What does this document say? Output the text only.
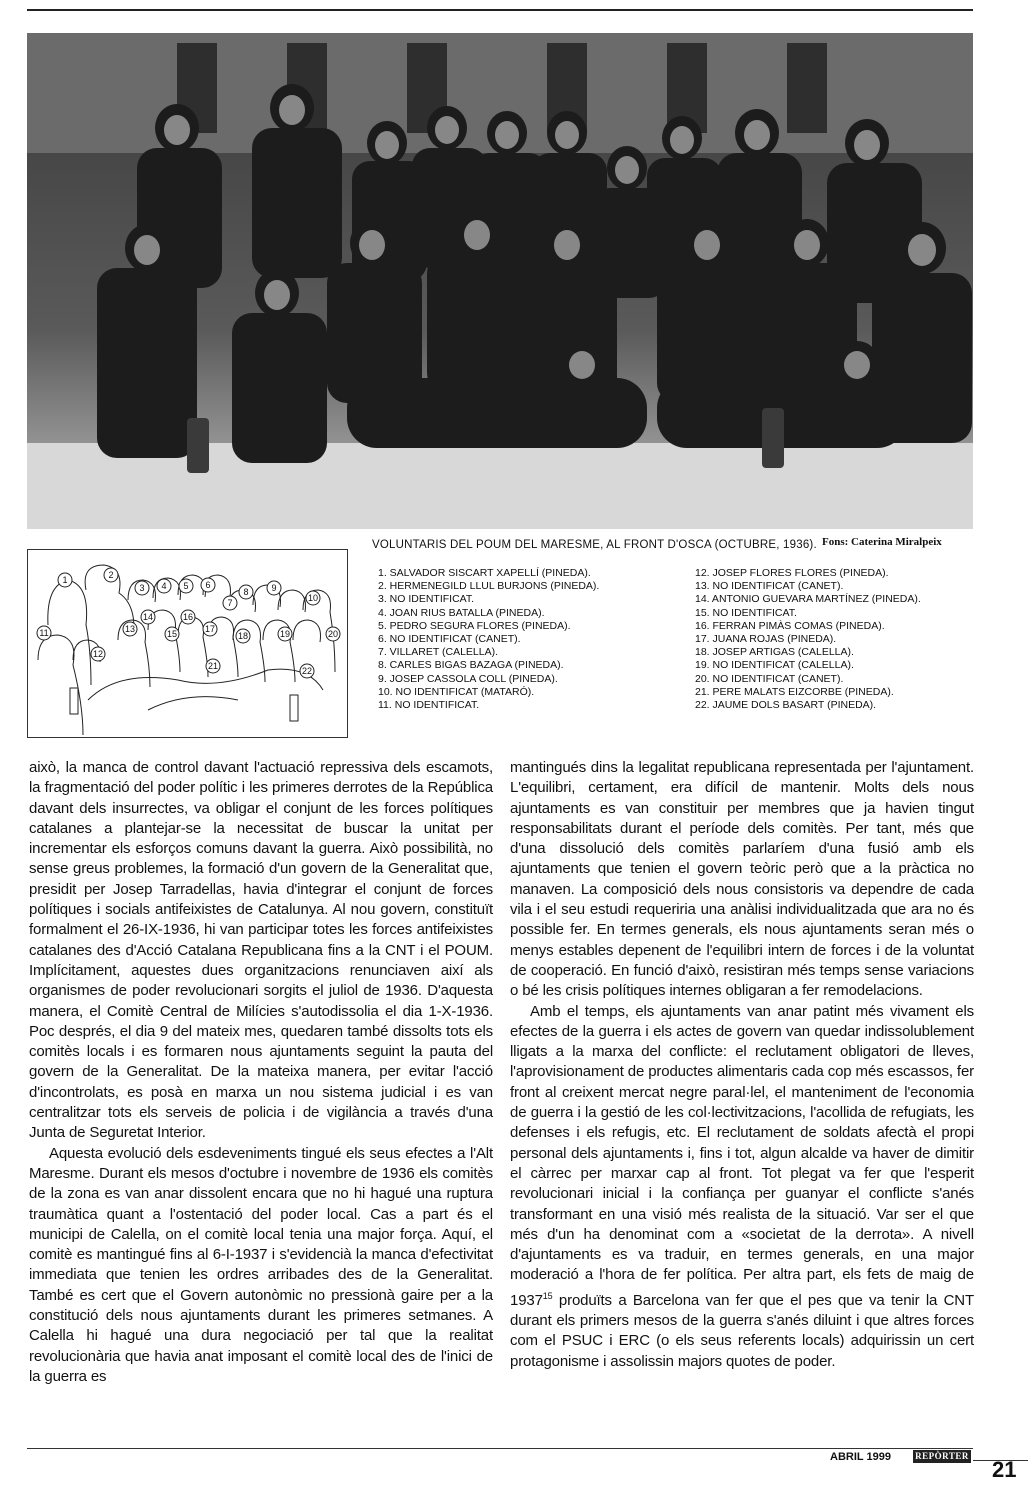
VOLUNTARIS DEL POUM DEL MARESME, AL FRONT D'OSCA (OCTUBRE, 1936). Fons: Caterina Miralpeix
1	2
3 4 5 6
7
8	9
10
11
12
13
14
15
16
17
18	19	20
21	22
1. SALVADOR SISCART XAPELLÍ (PINEDA).
2. HERMENEGILD LLUL BURJONS (PINEDA).
3. NO IDENTIFICAT.
4. JOAN RIUS BATALLA (PINEDA).
5. PEDRO SEGURA FLORES (PINEDA).
6. NO IDENTIFICAT (CANET).
7. VILLARET (CALELLA).
8. CARLES BIGAS BAZAGA (PINEDA).
9. JOSEP CASSOLA COLL (PINEDA).
10. NO IDENTIFICAT (MATARÓ).
11. NO IDENTIFICAT.
12. JOSEP FLORES FLORES (PINEDA).
13. NO IDENTIFICAT (CANET).
14. ANTONIO GUEVARA MARTÍNEZ (PINEDA).
15. NO IDENTIFICAT.
16. FERRAN PIMÀS COMAS (PINEDA).
17. JUANA ROJAS (PINEDA).
18. JOSEP ARTIGAS (CALELLA).
19. NO IDENTIFICAT (CALELLA).
20. NO IDENTIFICAT (CANET).
21. PERE MALATS EIZCORBE (PINEDA).
22. JAUME DOLS BASART (PINEDA).

això, la manca de control davant l'actuació repressiva dels escamots, la fragmentació del poder polític i les primeres derrotes de la República davant dels insurrectes, va obligar el conjunt de les forces polítiques catalanes a plantejar-se la necessitat de buscar la unitat per incrementar els esforços comuns davant la guerra. Això possibilità, no sense greus problemes, la formació d'un govern de la Generalitat que, presidit per Josep Tarradellas, havia d'integrar el conjunt de forces polítiques i socials antifeixistes de Catalunya. Al nou govern, constituït formalment el 26-IX-1936, hi van participar totes les forces antifeixistes catalanes des d'Acció Catalana Republicana fins a la CNT i el POUM. Implícitament, aquestes dues organitzacions renunciaven així als organismes de poder revolucionari sorgits el juliol de 1936. D'aquesta manera, el Comitè Central de Milícies s'autodissolia el dia 1-X-1936. Poc després, el dia 9 del mateix mes, quedaren també dissolts tots els comitès locals i es formaren nous ajuntaments seguint la pauta del govern de la Generalitat. De la mateixa manera, per evitar l'acció d'incontrolats, es posà en marxa un nou sistema judicial i es van centralitzar tots els serveis de policia i de vigilància a través d'una Junta de Seguretat Interior.

Aquesta evolució dels esdeveniments tingué els seus efectes a l'Alt Maresme. Durant els mesos d'octubre i novembre de 1936 els comitès de la zona es van anar dissolent encara que no hi hagué una ruptura traumàtica quant a l'ostentació del poder local. Cas a part és el municipi de Calella, on el comitè local tenia una major força. Aquí, el comitè es mantingué fins al 6-I-1937 i s'evidencià la manca d'efectivitat immediata que tenien les ordres arribades des de la Generalitat. També es cert que el Govern autonòmic no pressionà gaire per a la constitució dels nous ajuntaments durant les primeres setmanes. A Calella hi hagué una dura negociació per tal que la realitat revolucionària que havia anat imposant el comitè local des de l'inici de la guerra es

mantingués dins la legalitat republicana representada per l'ajuntament. L'equilibri, certament, era difícil de mantenir. Molts dels nous ajuntaments es van constituir per membres que ja havien tingut responsabilitats durant el període dels comitès. Per tant, més que d'una dissolució dels comitès parlaríem d'una fusió amb els ajuntaments que tenien el govern teòric però que a la pràctica no manaven. La composició dels nous consistoris va dependre de cada vila i el seu estudi requeriria una anàlisi individualitzada que ara no és possible fer. En termes generals, els nous ajuntaments seran més o menys estables depenent de l'equilibri intern de forces i de la voluntat de cooperació. En funció d'això, resistiran més temps sense variacions o bé les crisis polítiques internes obligaran a fer remodelacions.

Amb el temps, els ajuntaments van anar patint més vivament els efectes de la guerra i els actes de govern van quedar indissolublement lligats a la marxa del conflicte: el reclutament obligatori de lleves, l'aprovisionament de productes alimentaris cada cop més escassos, fer front al creixent mercat negre paral·lel, el manteniment de l'economia de guerra i la gestió de les col·lectivitzacions, l'acollida de refugiats, les defenses i els refugis, etc. El reclutament de soldats afectà el propi personal dels ajuntaments i, fins i tot, algun alcalde va haver de dimitir el càrrec per marxar cap al front. Tot plegat va fer que l'esperit revolucionari inicial i la confiança per guanyar el conflicte s'anés transformant en una visió més realista de la situació. Var ser el que més d'un ha denominat com a «societat de la derrota». A nivell d'ajuntaments es va traduir, en termes generals, en una major moderació a l'hora de fer política. Per altra part, els fets de maig de 1937$^{15}$ produïts a Barcelona van fer que el pes que va tenir la CNT durant els primers mesos de la guerra s'anés diluint i que altres forces com el PSUC i ERC (o els seus referents locals) adquirissin un cert protagonisme i assolissin majors quotes de poder.

ABRIL 1999	REPÒRTER
21
